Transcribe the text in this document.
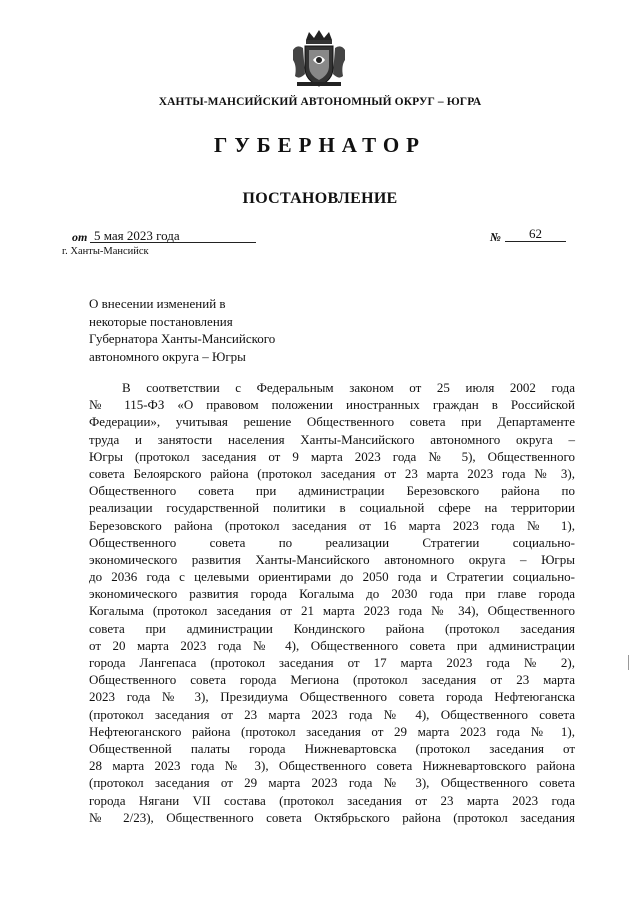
ХАНТЫ-МАНСИЙСКИЙ АВТОНОМНЫЙ ОКРУГ – ЮГРА
ГУБЕРНАТОР
ПОСТАНОВЛЕНИЕ
от 5 мая 2023 года	№	62
г. Ханты-Мансийск
О внесении изменений в
некоторые постановления
Губернатора Ханты-Мансийского
автономного округа – Югры
В соответствии с Федеральным законом от 25 июля 2002 года
№ 115-ФЗ «О правовом положении иностранных граждан в Российской
Федерации», учитывая решение Общественного совета при Департаменте
труда и занятости населения Ханты-Мансийского автономного округа –
Югры (протокол заседания от 9 марта 2023 года № 5), Общественного
совета Белоярского района (протокол заседания от 23 марта 2023 года № 3),
Общественного совета при администрации Березовского района по
реализации государственной политики в социальной сфере на территории
Березовского района (протокол заседания от 16 марта 2023 года № 1),
Общественного совета по реализации Стратегии социально-
экономического развития Ханты-Мансийского автономного округа – Югры
до 2036 года с целевыми ориентирами до 2050 года и Стратегии социально-
экономического развития города Когалыма до 2030 года при главе города
Когалыма (протокол заседания от 21 марта 2023 года № 34), Общественного
совета при администрации Кондинского района (протокол заседания
от 20 марта 2023 года № 4), Общественного совета при администрации
города Лангепаса (протокол заседания от 17 марта 2023 года № 2),
Общественного совета города Мегиона (протокол заседания от 23 марта
2023 года № 3), Президиума Общественного совета города Нефтеюганска
(протокол заседания от 23 марта 2023 года № 4), Общественного совета
Нефтеюганского района (протокол заседания от 29 марта 2023 года № 1),
Общественной палаты города Нижневартовска (протокол заседания от
28 марта 2023 года № 3), Общественного совета Нижневартовского района
(протокол заседания от 29 марта 2023 года № 3), Общественного совета
города Нягани VII состава (протокол заседания от 23 марта 2023 года
№ 2/23), Общественного совета Октябрьского района (протокол заседания
